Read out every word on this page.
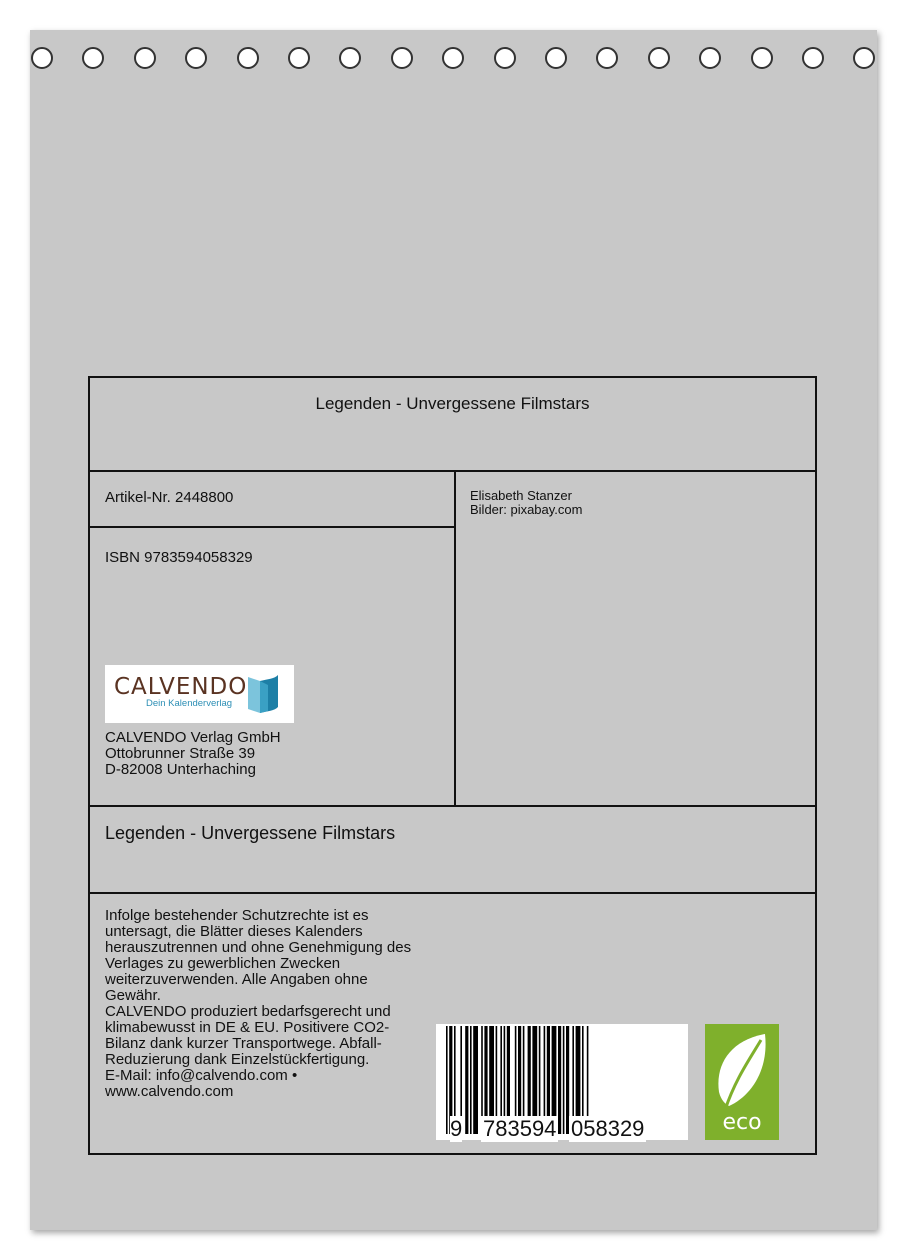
Legenden - Unvergessene Filmstars
Artikel-Nr. 2448800	Elisabeth Stanzer
Bilder: pixabay.com
ISBN 9783594058329
CALVENDO
Dein Kalenderverlag
CALVENDO Verlag GmbH
Ottobrunner Straße 39
D-82008 Unterhaching
Legenden - Unvergessene Filmstars
Infolge bestehender Schutzrechte ist es
untersagt, die Blätter dieses Kalenders
herauszutrennen und ohne Genehmigung des
Verlages zu gewerblichen Zwecken
weiterzuverwenden. Alle Angaben ohne
Gewähr.
CALVENDO produziert bedarfsgerecht und
klimabewusst in DE & EU. Positivere CO2-
Bilanz dank kurzer Transportwege. Abfall-
Reduzierung dank Einzelstückfertigung.
E-Mail: info@calvendo.com •
www.calvendo.com
9 783594 058329	eco
